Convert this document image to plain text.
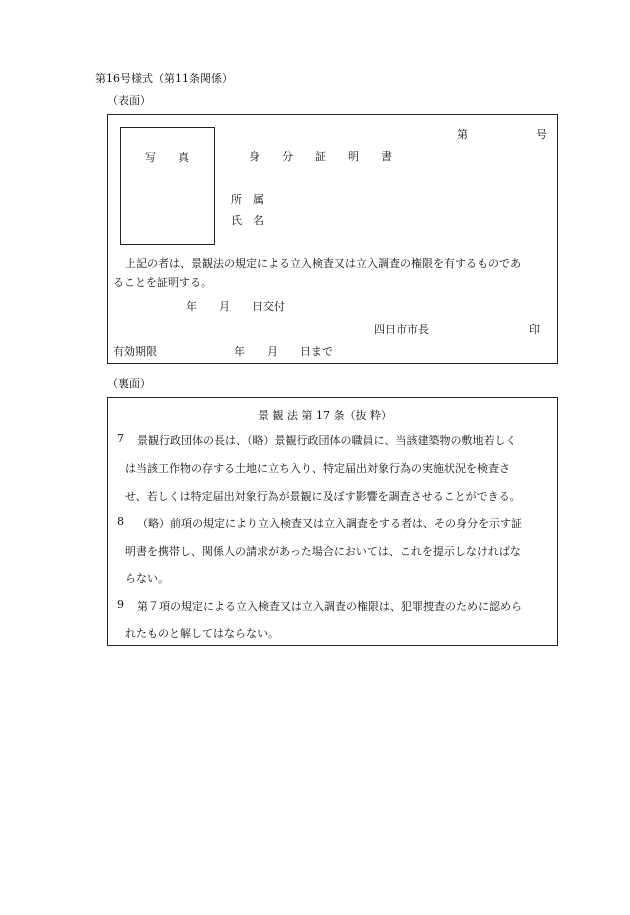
第16号様式（第11条関係）
（表面）
第	号
写　　真	身　　分　　証　　明　　書
所　属
氏　名
上記の者は、景観法の規定による立入検査又は立入調査の権限を有するものであ
ることを証明する。
年　　月　　日交付
四日市市長	印
有効期限	年　　月　　日まで
（裏面）
景 観 法 第 17 条（抜 粋）
7 景観行政団体の長は、（略）景観行政団体の職員に、当該建築物の敷地若しく
は当該工作物の存する土地に立ち入り、特定届出対象行為の実施状況を検査さ
せ、若しくは特定届出対象行為が景観に及ぼす影響を調査させることができる。
8 （略）前項の規定により立入検査又は立入調査をする者は、その身分を示す証
明書を携帯し、関係人の請求があった場合においては、これを提示しなければな
らない。
9 第７項の規定による立入検査又は立入調査の権限は、犯罪捜査のために認めら
れたものと解してはならない。
